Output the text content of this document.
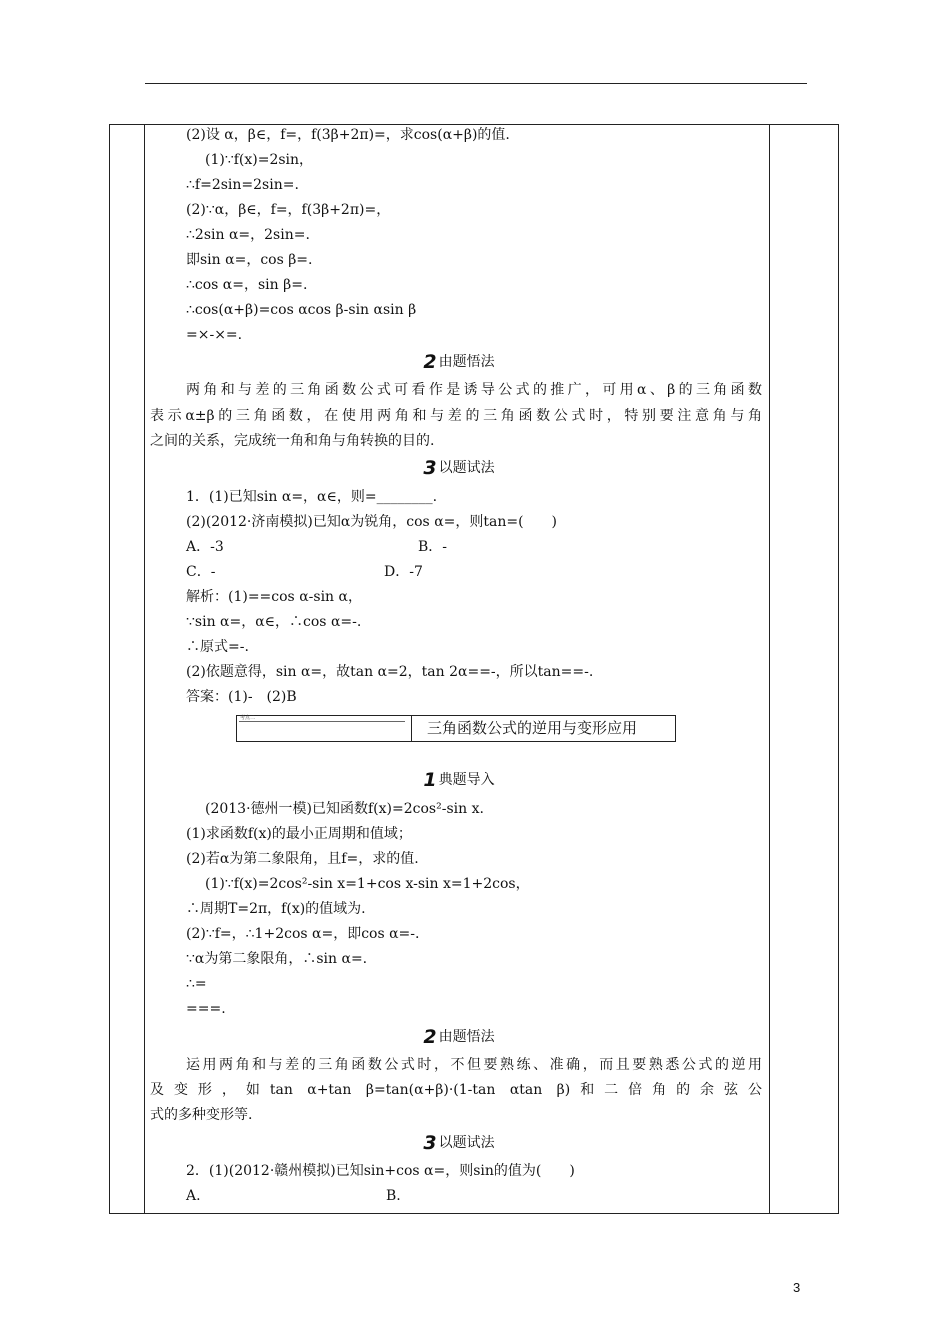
(2)设 α，β∈，f=，f(3β+2π)=，求cos(α+β)的值.
(1)∵f(x)=2sin，
∴f=2sin=2sin=.
(2)∵α，β∈，f=，f(3β+2π)=，
∴2sin α=，2sin=.
即sin α=，cos β=.
∴cos α=，sin β=.
∴cos(α+β)=cos αcos β-sin αsin β
=×-×=.
2 由题悟法
两角和与差的三角函数公式可看作是诱导公式的推广，可用α、β的三角函数
表示α±β的三角函数，在使用两角和与差的三角函数公式时，特别要注意角与角
之间的关系，完成统一角和角与角转换的目的.
3 以题试法
1．(1)已知sin α=，α∈，则=________.
(2)(2012·济南模拟)已知α为锐角，cos α=，则tan=(　　)
A．-3	B．-
C．-	D．-7
解析：(1)==cos α-sin α，
∵sin α=，α∈，∴cos α=-.
∴原式=-.
(2)依题意得，sin α=，故tan α=2，tan 2α==-，所以tan==-.
答案：(1)-　(2)B
考点二
三角函数公式的逆用与变形应用
1 典题导入
(2013·德州一模)已知函数f(x)=2cos²-sin x.
(1)求函数f(x)的最小正周期和值域；
(2)若α为第二象限角，且f=，求的值.
(1)∵f(x)=2cos²-sin x=1+cos x-sin x=1+2cos，
∴周期T=2π，f(x)的值域为.
(2)∵f=，∴1+2cos α=，即cos α=-.
∵α为第二象限角，∴sin α=.
∴=
===.
2 由题悟法
运用两角和与差的三角函数公式时，不但要熟练、准确，而且要熟悉公式的逆用
及变形，如tan α+tan β=tan(α+β)·(1-tan αtan β)和二倍角的余弦公
式的多种变形等.
3 以题试法
2．(1)(2012·赣州模拟)已知sin+cos α=，则sin的值为(　　)
A.	B.
3
